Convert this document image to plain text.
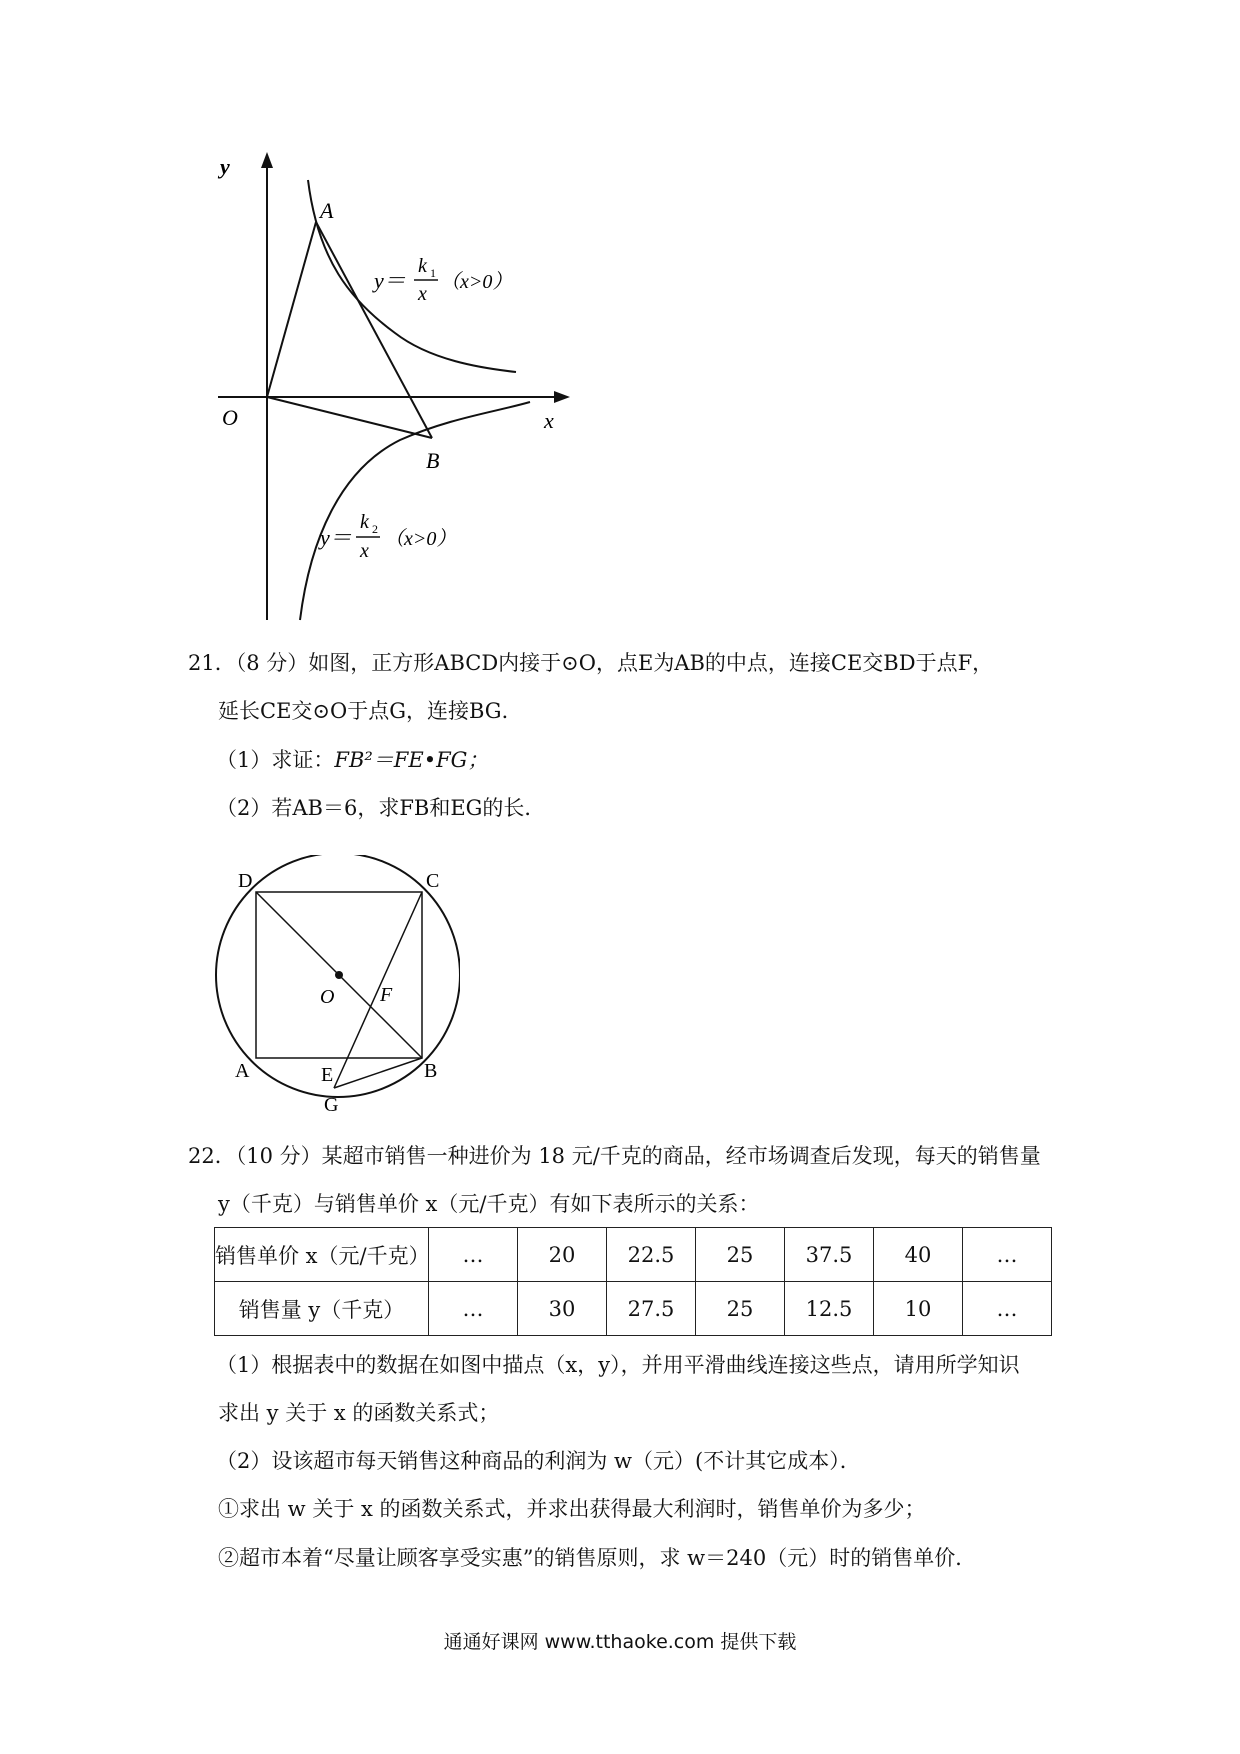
y
x
O
A
B
y＝
k 1
x
（x>0）
y＝
k 2
x
（x>0）
21．（8 分）如图，正方形ABCD内接于⊙O，点E为AB的中点，连接CE交BD于点F，
延长CE交⊙O于点G，连接BG．
（1）求证：FB²＝FE•FG；
（2）若AB＝6，求FB和EG的长．
D	C
O F
A	E	B
G
22．（10 分）某超市销售一种进价为 18 元/千克的商品，经市场调查后发现，每天的销售量
y（千克）与销售单价 x（元/千克）有如下表所示的关系：
销售单价 x（元/千克）	…	20	22.5	25	37.5	40	…
销售量 y（千克）	…	30	27.5	25	12.5	10	…
（1）根据表中的数据在如图中描点（x，y），并用平滑曲线连接这些点，请用所学知识
求出 y 关于 x 的函数关系式；
（2）设该超市每天销售这种商品的利润为 w（元）(不计其它成本）．
①求出 w 关于 x 的函数关系式，并求出获得最大利润时，销售单价为多少；
②超市本着“尽量让顾客享受实惠”的销售原则，求 w＝240（元）时的销售单价．
通通好课网 www.tthaoke.com 提供下载
